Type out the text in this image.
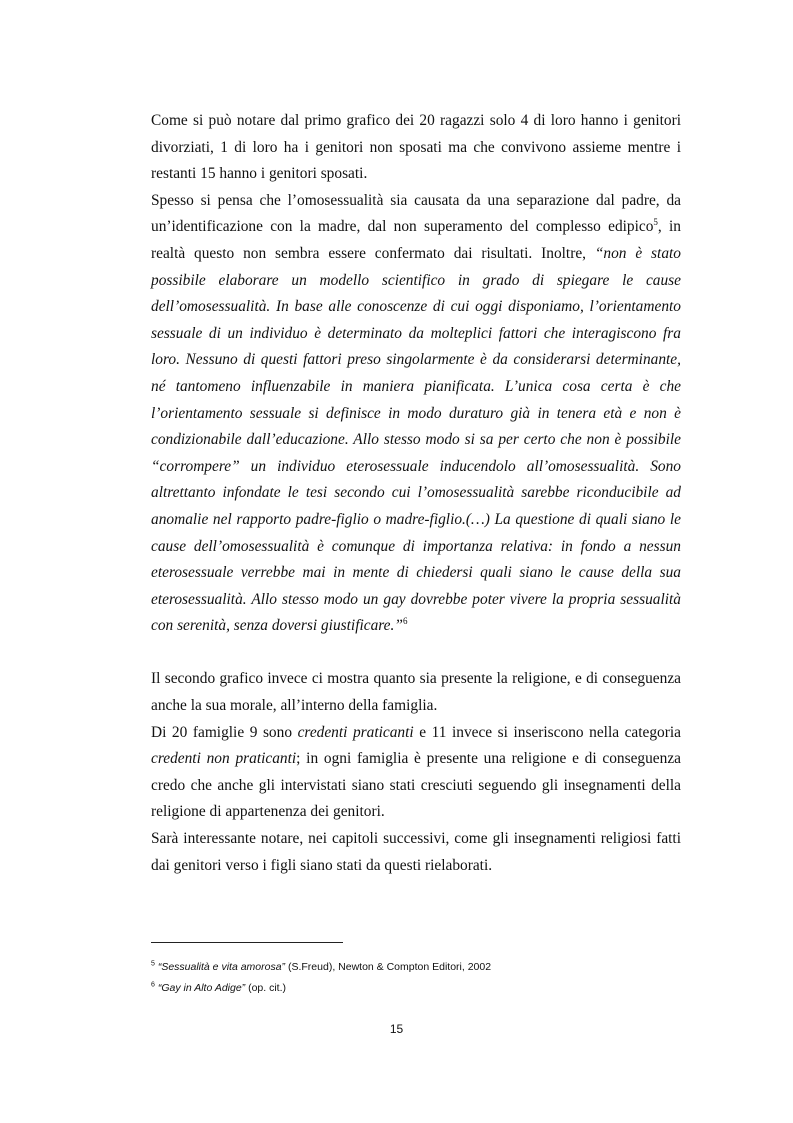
Come si può notare dal primo grafico dei 20 ragazzi solo 4 di loro hanno i genitori divorziati, 1 di loro ha i genitori non sposati ma che convivono assieme mentre i restanti 15 hanno i genitori sposati.

Spesso si pensa che l’omosessualità sia causata da una separazione dal padre, da un’identificazione con la madre, dal non superamento del complesso edipico$^5$, in realtà questo non sembra essere confermato dai risultati. Inoltre, “non è stato possibile elaborare un modello scientifico in grado di spiegare le cause dell’omosessualità. In base alle conoscenze di cui oggi disponiamo, l’orientamento sessuale di un individuo è determinato da molteplici fattori che interagiscono fra loro. Nessuno di questi fattori preso singolarmente è da considerarsi determinante, né tantomeno influenzabile in maniera pianificata. L’unica cosa certa è che l’orientamento sessuale si definisce in modo duraturo già in tenera età e non è condizionabile dall’educazione. Allo stesso modo si sa per certo che non è possibile “corrompere” un individuo eterosessuale inducendolo all’omosessualità. Sono altrettanto infondate le tesi secondo cui l’omosessualità sarebbe riconducibile ad anomalie nel rapporto padre-figlio o madre-figlio.(…) La questione di quali siano le cause dell’omosessualità è comunque di importanza relativa: in fondo a nessun eterosessuale verrebbe mai in mente di chiedersi quali siano le cause della sua eterosessualità. Allo stesso modo un gay dovrebbe poter vivere la propria sessualità con serenità, senza doversi giustificare.”$^6$

Il secondo grafico invece ci mostra quanto sia presente la religione, e di conseguenza anche la sua morale, all’interno della famiglia.

Di 20 famiglie 9 sono credenti praticanti e 11 invece si inseriscono nella categoria credenti non praticanti; in ogni famiglia è presente una religione e di conseguenza credo che anche gli intervistati siano stati cresciuti seguendo gli insegnamenti della religione di appartenenza dei genitori.

Sarà interessante notare, nei capitoli successivi, come gli insegnamenti religiosi fatti dai genitori verso i figli siano stati da questi rielaborati.

$^5$ “Sessualità e vita amorosa” (S.Freud), Newton & Compton Editori, 2002

$^6$ “Gay in Alto Adige” (op. cit.)

15
